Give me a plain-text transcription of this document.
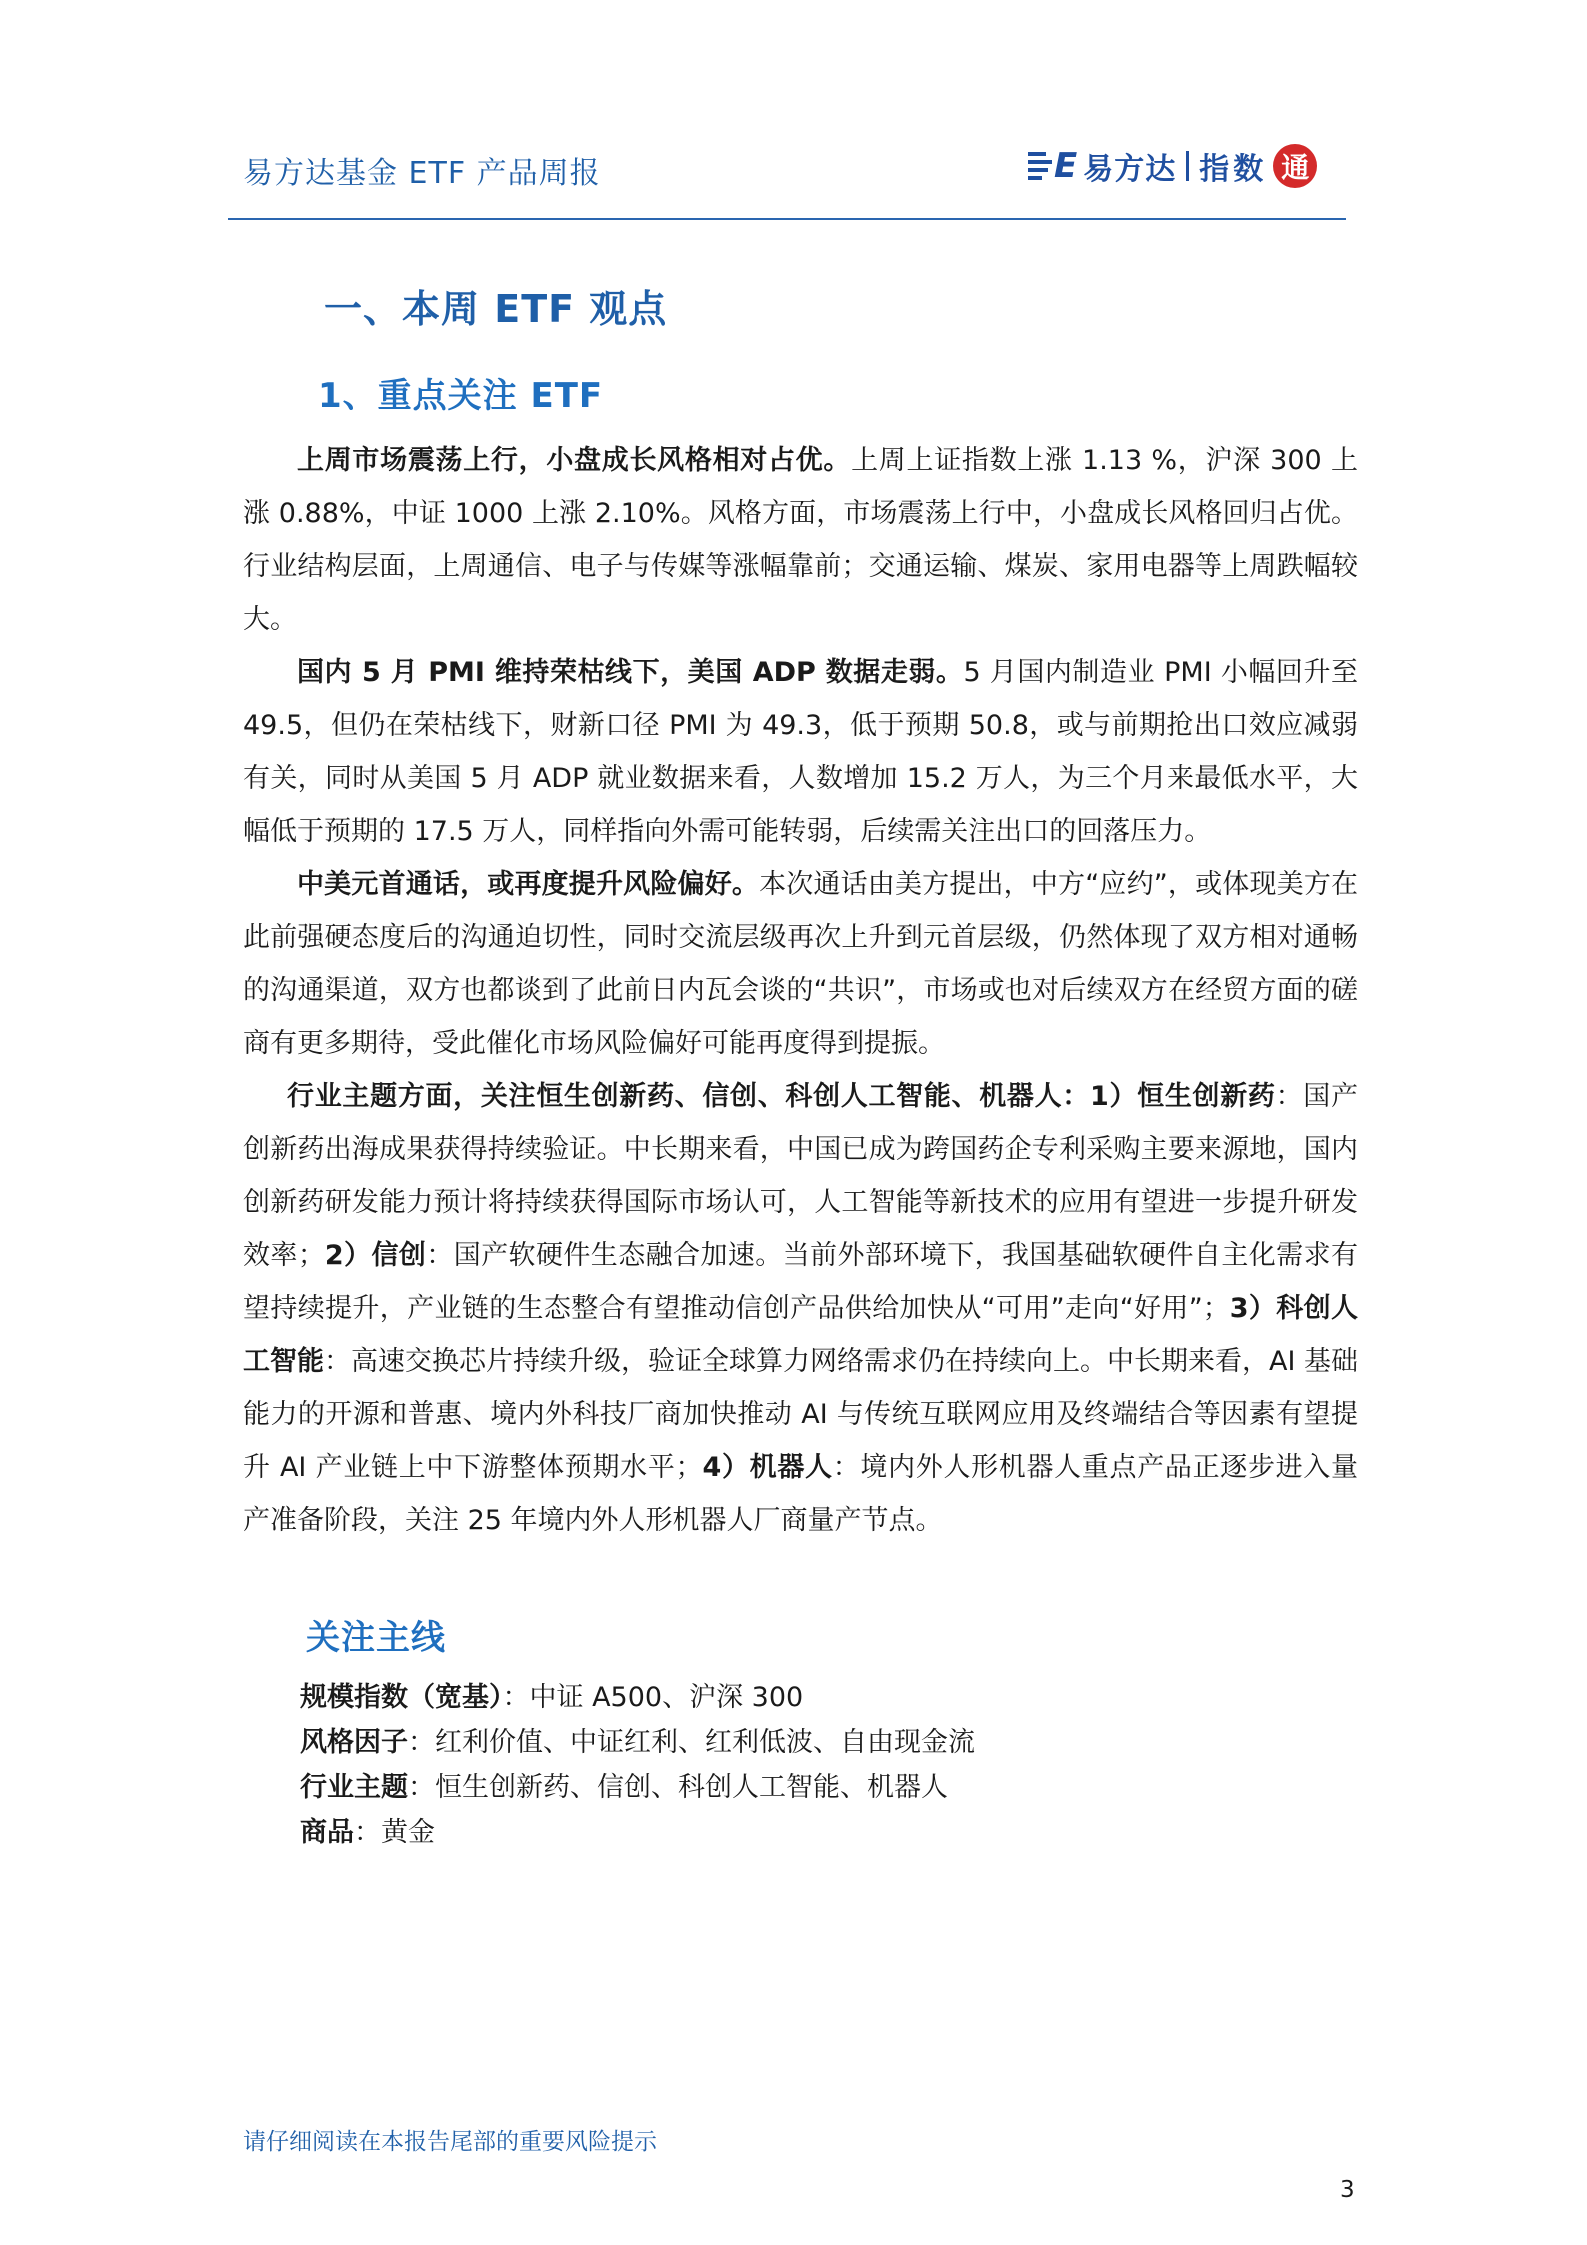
易方达基金 ETF 产品周报	E 易方达 指数 通
一、本周 ETF 观点
1、重点关注 ETF

上周市场震荡上行，小盘成长风格相对占优。上周上证指数上涨 1.13 %，沪深 300 上涨 0.88%，中证 1000 上涨 2.10%。风格方面，市场震荡上行中，小盘成长风格回归占优。行业结构层面，上周通信、电子与传媒等涨幅靠前；交通运输、煤炭、家用电器等上周跌幅较大。

国内 5 月 PMI 维持荣枯线下，美国 ADP 数据走弱。5 月国内制造业 PMI 小幅回升至 49.5，但仍在荣枯线下，财新口径 PMI 为 49.3，低于预期 50.8，或与前期抢出口效应减弱有关，同时从美国 5 月 ADP 就业数据来看，人数增加 15.2 万人，为三个月来最低水平，大幅低于预期的 17.5 万人，同样指向外需可能转弱，后续需关注出口的回落压力。

中美元首通话，或再度提升风险偏好。本次通话由美方提出，中方“应约”，或体现美方在此前强硬态度后的沟通迫切性，同时交流层级再次上升到元首层级，仍然体现了双方相对通畅的沟通渠道，双方也都谈到了此前日内瓦会谈的“共识”，市场或也对后续双方在经贸方面的磋商有更多期待，受此催化市场风险偏好可能再度得到提振。

行业主题方面，关注恒生创新药、信创、科创人工智能、机器人：1）恒生创新药：国产创新药出海成果获得持续验证。中长期来看，中国已成为跨国药企专利采购主要来源地，国内创新药研发能力预计将持续获得国际市场认可，人工智能等新技术的应用有望进一步提升研发效率；2）信创：国产软硬件生态融合加速。当前外部环境下，我国基础软硬件自主化需求有望持续提升，产业链的生态整合有望推动信创产品供给加快从“可用”走向“好用”；3）科创人工智能：高速交换芯片持续升级，验证全球算力网络需求仍在持续向上。中长期来看，AI 基础能力的开源和普惠、境内外科技厂商加快推动 AI 与传统互联网应用及终端结合等因素有望提升 AI 产业链上中下游整体预期水平；4）机器人：境内外人形机器人重点产品正逐步进入量产准备阶段，关注 25 年境内外人形机器人厂商量产节点。

关注主线
规模指数（宽基）：中证 A500、沪深 300
风格因子：红利价值、中证红利、红利低波、自由现金流
行业主题：恒生创新药、信创、科创人工智能、机器人
商品：黄金
请仔细阅读在本报告尾部的重要风险提示
3
